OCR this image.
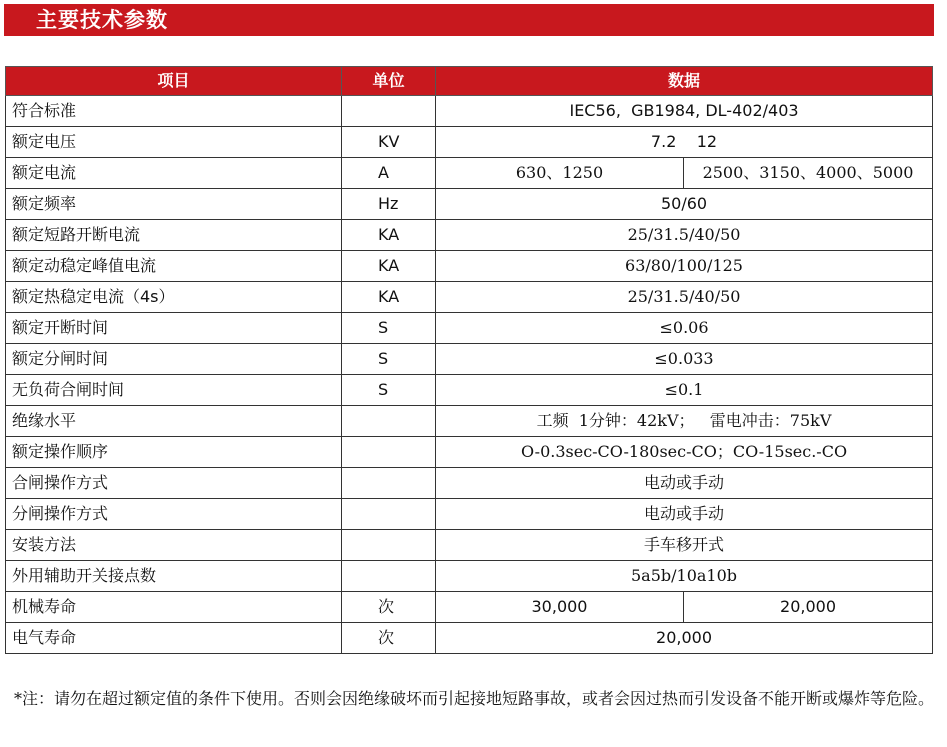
主要技术参数
项目	单位	数据	
符合标准		IEC56,  GB1984, DL-402/403	
额定电压	KV	7.2    12	
额定电流	A	630、1250	2500、3150、4000、5000
额定频率	Hz	50/60	
额定短路开断电流	KA	25/31.5/40/50	
额定动稳定峰值电流	KA	63/80/100/125	
额定热稳定电流（4s）	KA	25/31.5/40/50	
额定开断时间	S	≤0.06	
额定分闸时间	S	≤0.033	
无负荷合闸时间	S	≤0.1	
绝缘水平		工频  1分钟：42kV；   雷电冲击：75kV	
额定操作顺序		O-0.3sec-CO-180sec-CO；CO-15sec.-CO	
合闸操作方式		电动或手动	
分闸操作方式		电动或手动	
安装方法		手车移开式	
外用辅助开关接点数		5a5b/10a10b	
机械寿命	次	30,000	20,000
电气寿命	次	20,000	
*注：请勿在超过额定值的条件下使用。否则会因绝缘破坏而引起接地短路事故，或者会因过热而引发设备不能开断或爆炸等危险。
